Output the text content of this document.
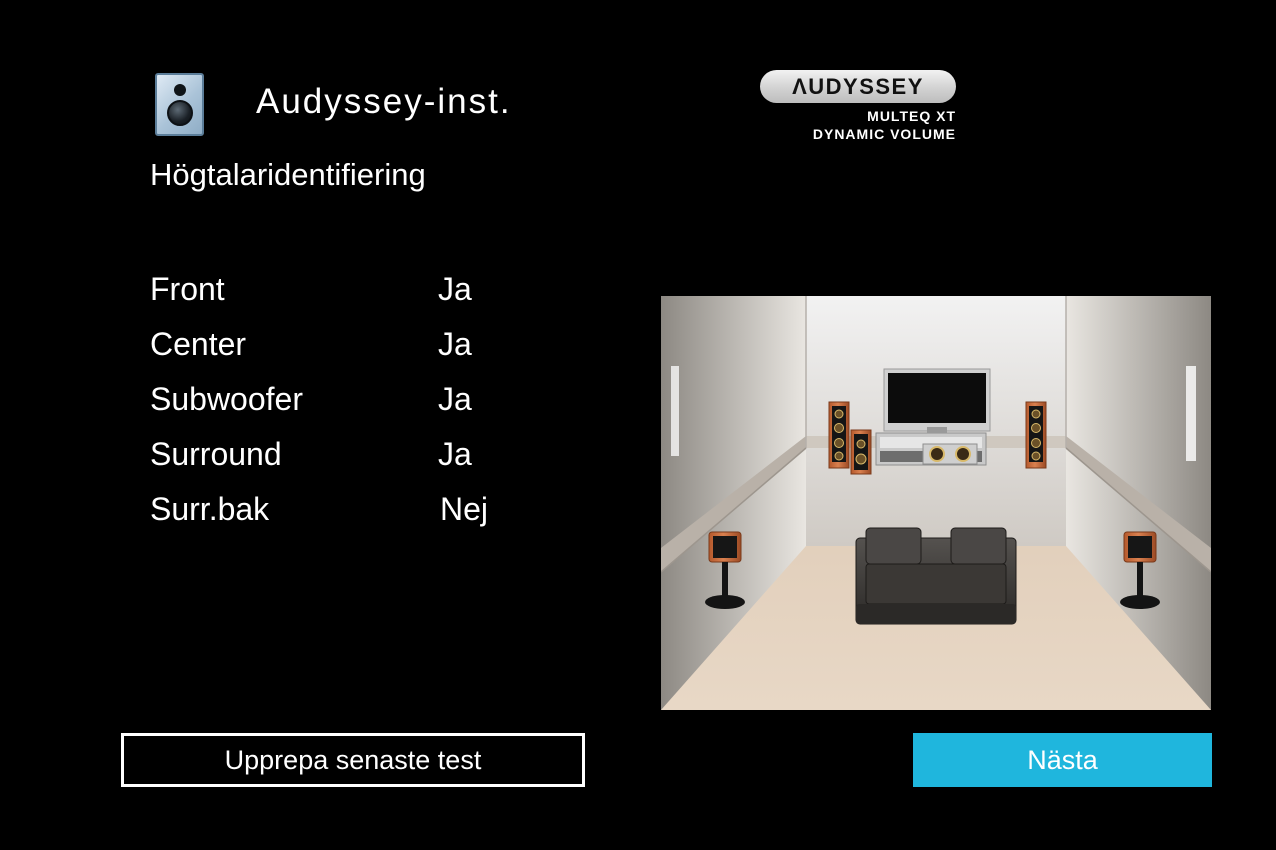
Audyssey-inst.
Högtalaridentifiering
ΛUDYSSEY
MULTEQ XT
DYNAMIC VOLUME
Front	Ja
Center	Ja
Subwoofer	Ja
Surround	Ja
Surr.bak	Nej
Upprepa senaste test	Nästa
